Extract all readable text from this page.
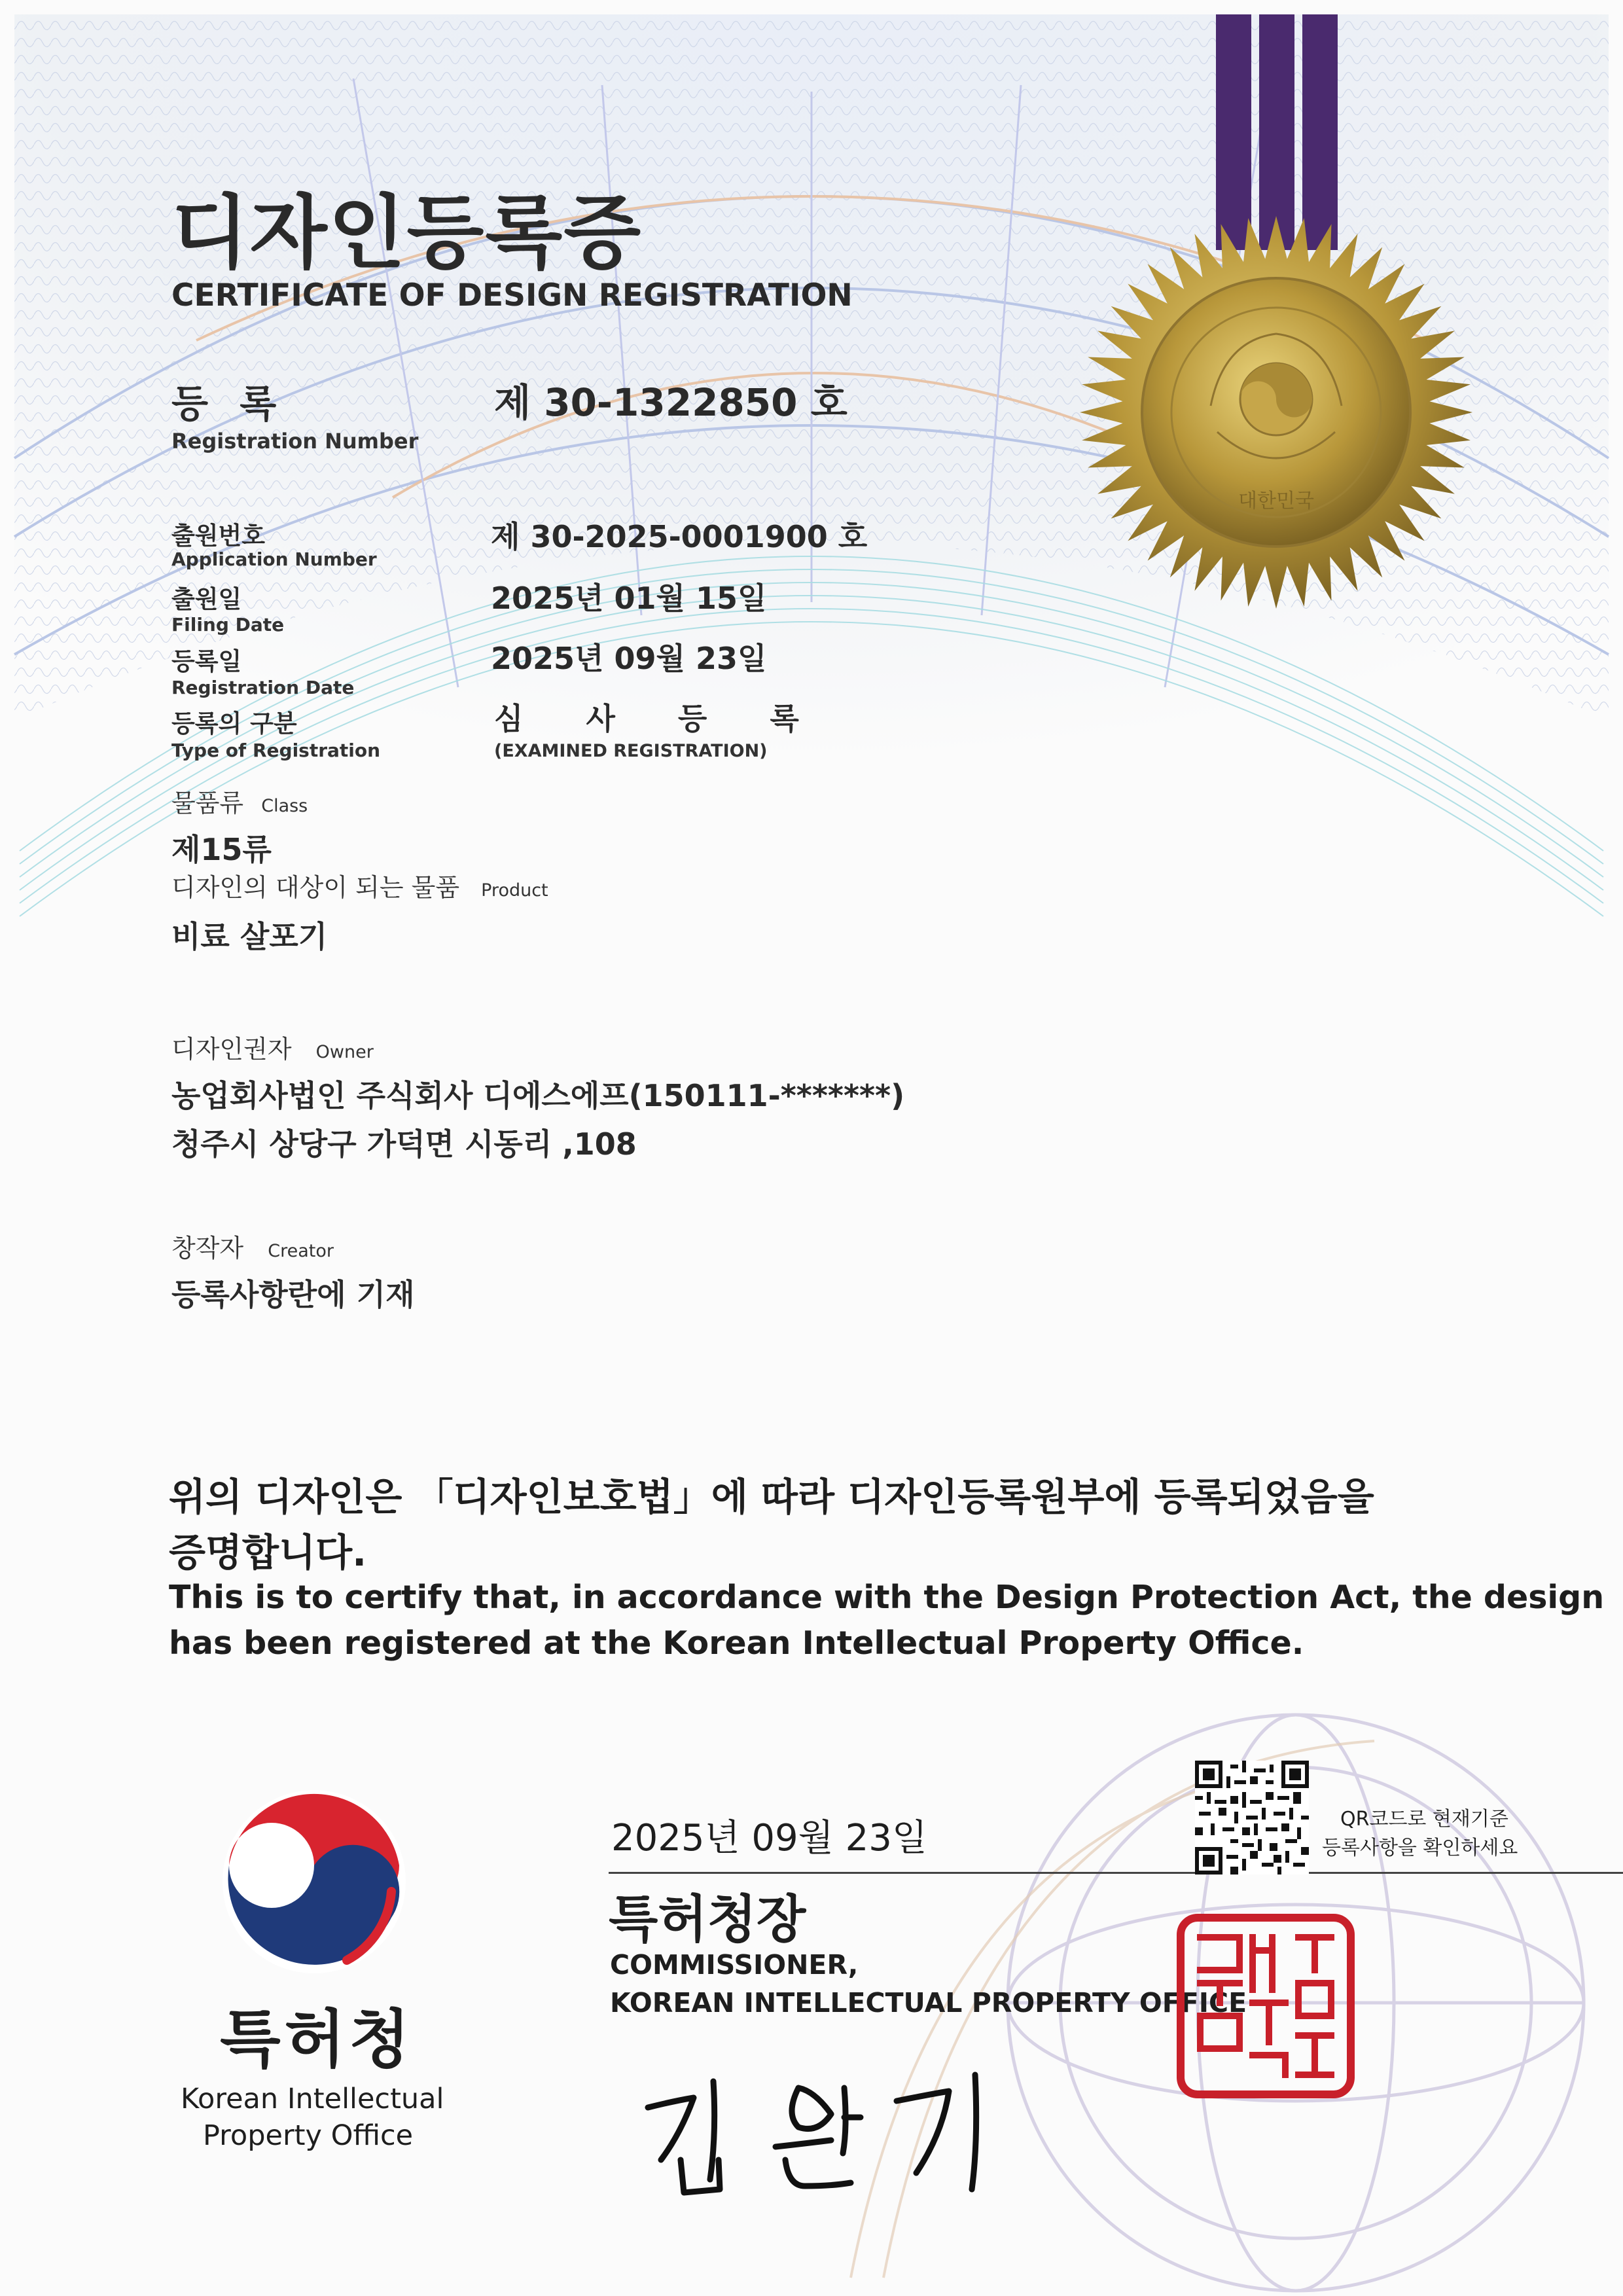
대한민국
디자인등록증
CERTIFICATE OF DESIGN REGISTRATION
등 록
Registration Number
제 30-1322850 호
출원번호
Application Number
제 30-2025-0001900 호
출원일
Filing Date
2025년 01월 15일
등록일
Registration Date
2025년 09월 23일
등록의 구분
Type of Registration
심 사 등 록
(EXAMINED REGISTRATION)
물품류 Class
제15류
디자인의 대상이 되는 물품 Product
비료 살포기
디자인권자 Owner
농업회사법인 주식회사 디에스에프(150111-*******)
청주시 상당구 가덕면 시동리 ,108
창작자 Creator
등록사항란에 기재
위의 디자인은 「디자인보호법」에 따라 디자인등록원부에 등록되었음을
증명합니다.
This is to certify that, in accordance with the Design Protection Act, the design
has been registered at the Korean Intellectual Property Office.
특허청
Korean Intellectual
Property Office
2025년 09월 23일	QR코드로 현재기준
등록사항을 확인하세요
특허청장
COMMISSIONER,
KOREAN INTELLECTUAL PROPERTY OFFICE
